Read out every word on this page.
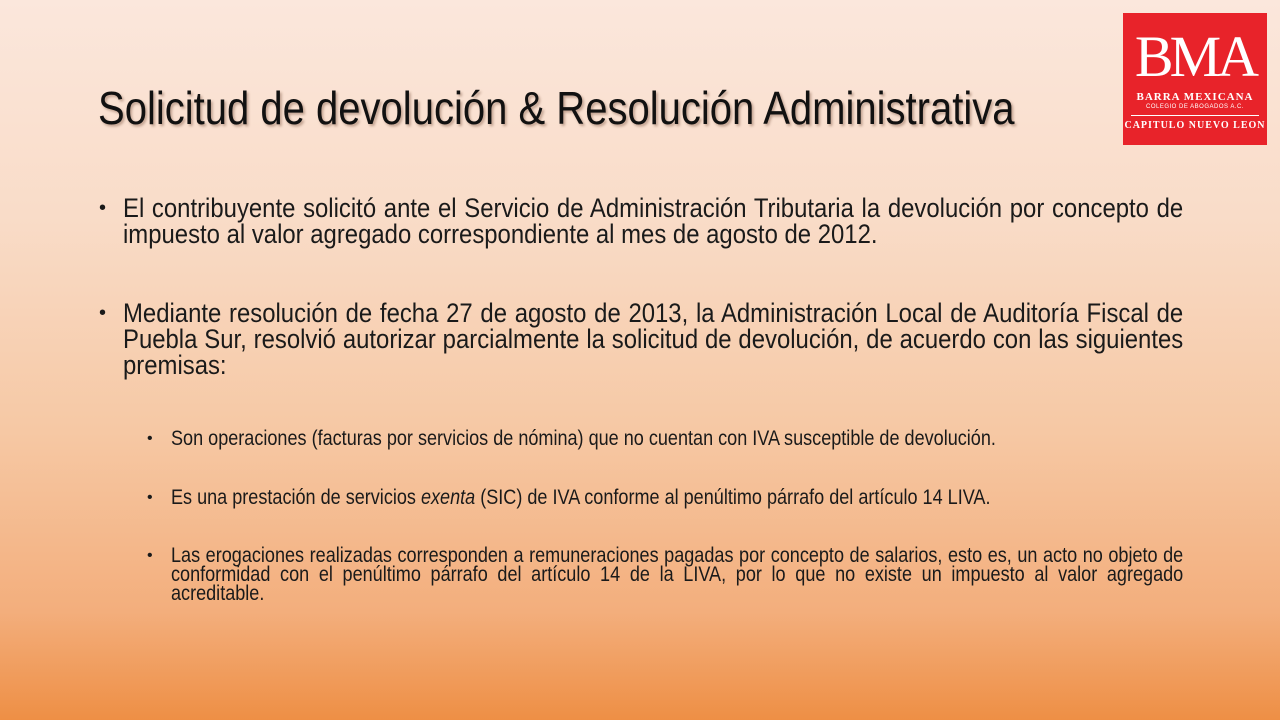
Solicitud de devolución & Resolución Administrativa
BMA
BARRA MEXICANA
COLEGIO DE ABOGADOS A.C.
CAPITULO NUEVO LEON
• El contribuyente solicitó ante el Servicio de Administración Tributaria la devolución por concepto de impuesto al valor agregado correspondiente al mes de agosto de 2012.
• Mediante resolución de fecha 27 de agosto de 2013, la Administración Local de Auditoría Fiscal de Puebla Sur, resolvió autorizar parcialmente la solicitud de devolución, de acuerdo con las siguientes premisas:
• Son operaciones (facturas por servicios de nómina) que no cuentan con IVA susceptible de devolución.
• Es una prestación de servicios exenta (SIC) de IVA conforme al penúltimo párrafo del artículo 14 LIVA.
• Las erogaciones realizadas corresponden a remuneraciones pagadas por concepto de salarios, esto es, un acto no objeto de conformidad con el penúltimo párrafo del artículo 14 de la LIVA, por lo que no existe un impuesto al valor agregado acreditable.
